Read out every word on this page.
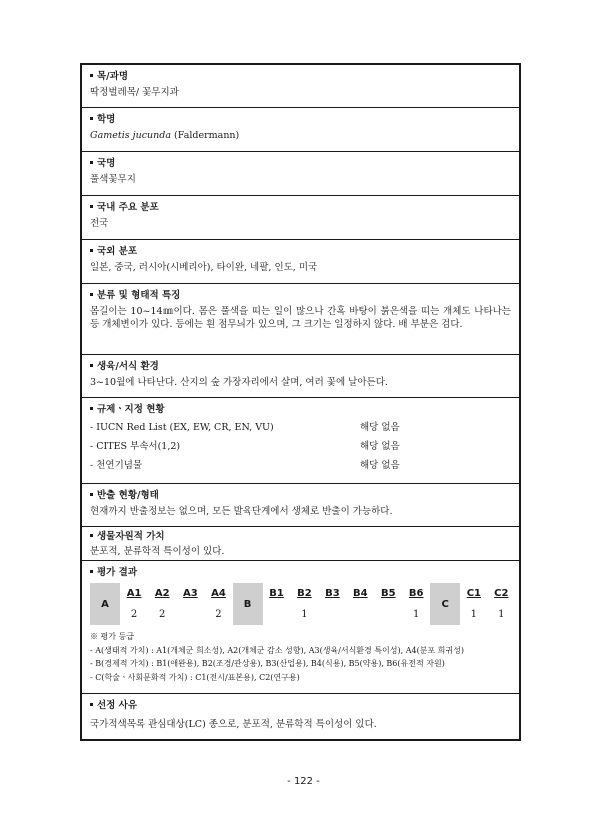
목/과명
딱정벌레목/ 꽃무지과
학명
Gametis jucunda (Faldermann)
국명
풀색꽃무지
국내 주요 분포
전국
국외 분포
일본, 중국, 러시아(시베리아), 타이완, 네팔, 인도, 미국
분류 및 형태적 특징
몸길이는 10~14㎜이다. 몸은 풀색을 띠는 일이 많으나 간혹 바탕이 붉은색을 띠는 개체도 나타나는 등 개체변이가 있다. 등에는 흰 점무늬가 있으며, 그 크기는 일정하지 않다. 배 부분은 검다.
생육/서식 환경
3~10월에 나타난다. 산지의 숲 가장자리에서 살며, 여러 꽃에 날아든다.
규제ㆍ지정 현황
- IUCN Red List (EX, EW, CR, EN, VU)	해당 없음
- CITES 부속서(1,2)	해당 없음
- 천연기념물	해당 없음
반출 현황/형태
현재까지 반출정보는 없으며, 모든 발육단계에서 생체로 반출이 가능하다.
생물자원적 가치
분포적, 분류학적 특이성이 있다.
평가 결과
A	A1	A2	A3	A4	B	B1	B2	B3	B4	B5	B6	C	C1	C2
	2	2		2			1				1		1	1
※ 평가 등급
- A(생태적 가치) : A1(개체군 희소성), A2(개체군 감소 성향), A3(생육/서식환경 특이성), A4(분포 희귀성)
- B(경제적 가치) : B1(애완용), B2(조경/관상용), B3(산업용), B4(식용), B5(약용), B6(유전적 자원)
- C(학술ㆍ사회문화적 가치) : C1(전시/표본용), C2(연구용)
선정 사유
국가적색목록 관심대상(LC) 종으로, 분포적, 분류학적 특이성이 있다.
- 122 -
